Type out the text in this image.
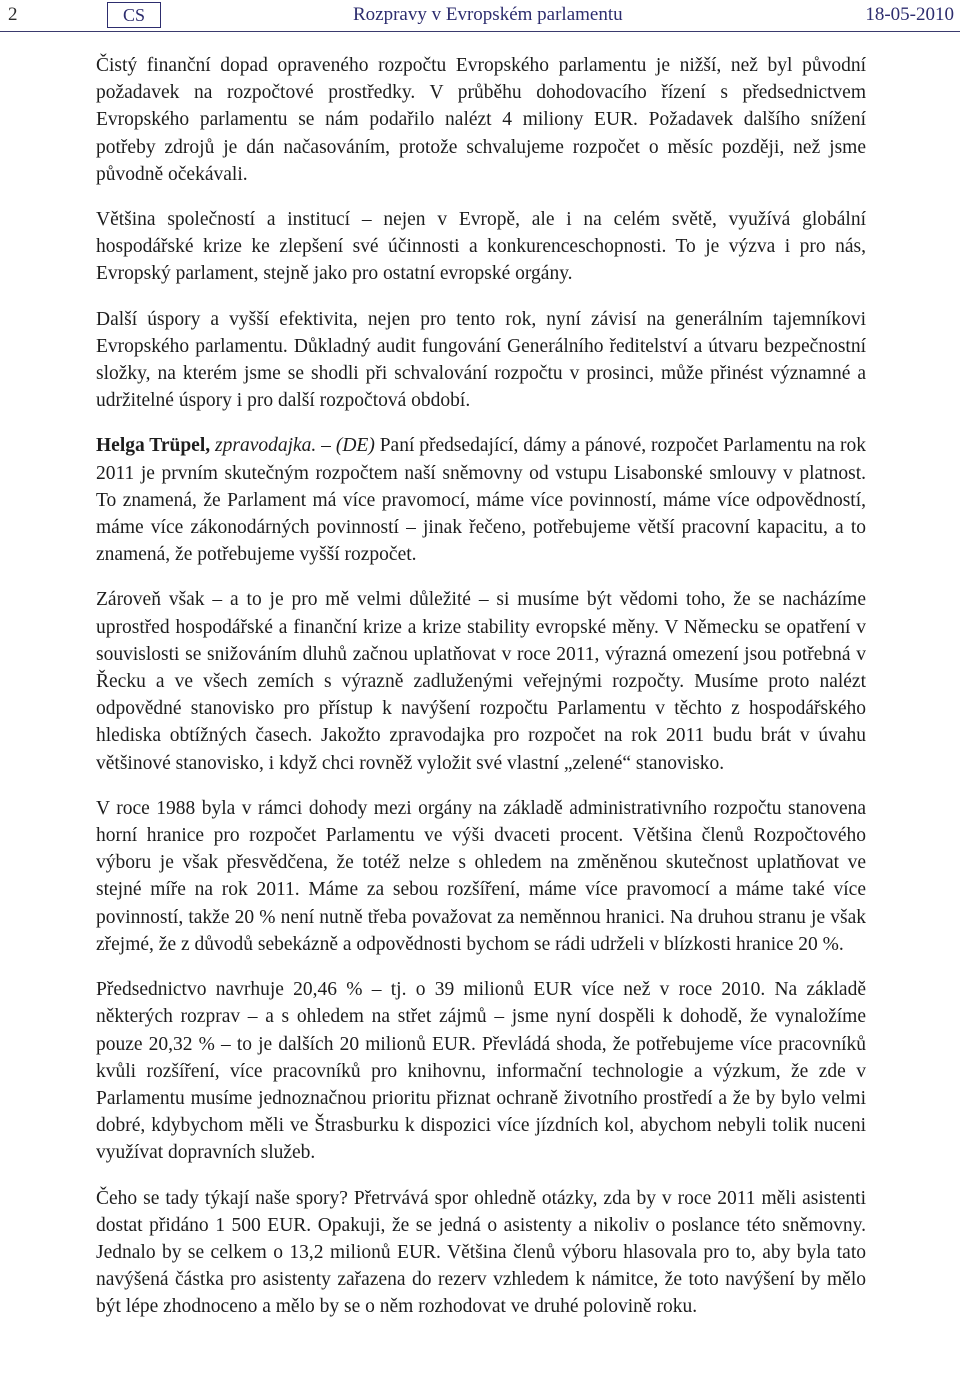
2	CS	Rozpravy v Evropském parlamentu	18-05-2010

Čistý finanční dopad opraveného rozpočtu Evropského parlamentu je nižší, než byl původní požadavek na rozpočtové prostředky. V průběhu dohodovacího řízení s předsednictvem Evropského parlamentu se nám podařilo nalézt 4 miliony EUR. Požadavek dalšího snížení potřeby zdrojů je dán načasováním, protože schvalujeme rozpočet o měsíc později, než jsme původně očekávali.

Většina společností a institucí – nejen v Evropě, ale i na celém světě, využívá globální hospodářské krize ke zlepšení své účinnosti a konkurenceschopnosti. To je výzva i pro nás, Evropský parlament, stejně jako pro ostatní evropské orgány.

Další úspory a vyšší efektivita, nejen pro tento rok, nyní závisí na generálním tajemníkovi Evropského parlamentu. Důkladný audit fungování Generálního ředitelství a útvaru bezpečnostní složky, na kterém jsme se shodli při schvalování rozpočtu v prosinci, může přinést významné a udržitelné úspory i pro další rozpočtová období.

Helga Trüpel, zpravodajka. – (DE) Paní předsedající, dámy a pánové, rozpočet Parlamentu na rok 2011 je prvním skutečným rozpočtem naší sněmovny od vstupu Lisabonské smlouvy v platnost. To znamená, že Parlament má více pravomocí, máme více povinností, máme více odpovědností, máme více zákonodárných povinností – jinak řečeno, potřebujeme větší pracovní kapacitu, a to znamená, že potřebujeme vyšší rozpočet.

Zároveň však – a to je pro mě velmi důležité – si musíme být vědomi toho, že se nacházíme uprostřed hospodářské a finanční krize a krize stability evropské měny. V Německu se opatření v souvislosti se snižováním dluhů začnou uplatňovat v roce 2011, výrazná omezení jsou potřebná v Řecku a ve všech zemích s výrazně zadluženými veřejnými rozpočty. Musíme proto nalézt odpovědné stanovisko pro přístup k navýšení rozpočtu Parlamentu v těchto z hospodářského hlediska obtížných časech. Jakožto zpravodajka pro rozpočet na rok 2011 budu brát v úvahu většinové stanovisko, i když chci rovněž vyložit své vlastní „zelené“ stanovisko.

V roce 1988 byla v rámci dohody mezi orgány na základě administrativního rozpočtu stanovena horní hranice pro rozpočet Parlamentu ve výši dvaceti procent. Většina členů Rozpočtového výboru je však přesvědčena, že totéž nelze s ohledem na změněnou skutečnost uplatňovat ve stejné míře na rok 2011. Máme za sebou rozšíření, máme více pravomocí a máme také více povinností, takže 20 % není nutně třeba považovat za neměnnou hranici. Na druhou stranu je však zřejmé, že z důvodů sebekázně a odpovědnosti bychom se rádi udrželi v blízkosti hranice 20 %.

Předsednictvo navrhuje 20,46 % – tj. o 39 milionů EUR více než v roce 2010. Na základě některých rozprav – a s ohledem na střet zájmů – jsme nyní dospěli k dohodě, že vynaložíme pouze 20,32 % – to je dalších 20 milionů EUR. Převládá shoda, že potřebujeme více pracovníků kvůli rozšíření, více pracovníků pro knihovnu, informační technologie a výzkum, že zde v Parlamentu musíme jednoznačnou prioritu přiznat ochraně životního prostředí a že by bylo velmi dobré, kdybychom měli ve Štrasburku k dispozici více jízdních kol, abychom nebyli tolik nuceni využívat dopravních služeb.

Čeho se tady týkají naše spory? Přetrvává spor ohledně otázky, zda by v roce 2011 měli asistenti dostat přidáno 1 500 EUR. Opakuji, že se jedná o asistenty a nikoliv o poslance této sněmovny. Jednalo by se celkem o 13,2 milionů EUR. Většina členů výboru hlasovala pro to, aby byla tato navýšená částka pro asistenty zařazena do rezerv vzhledem k námitce, že toto navýšení by mělo být lépe zhodnoceno a mělo by se o něm rozhodovat ve druhé polovině roku.
